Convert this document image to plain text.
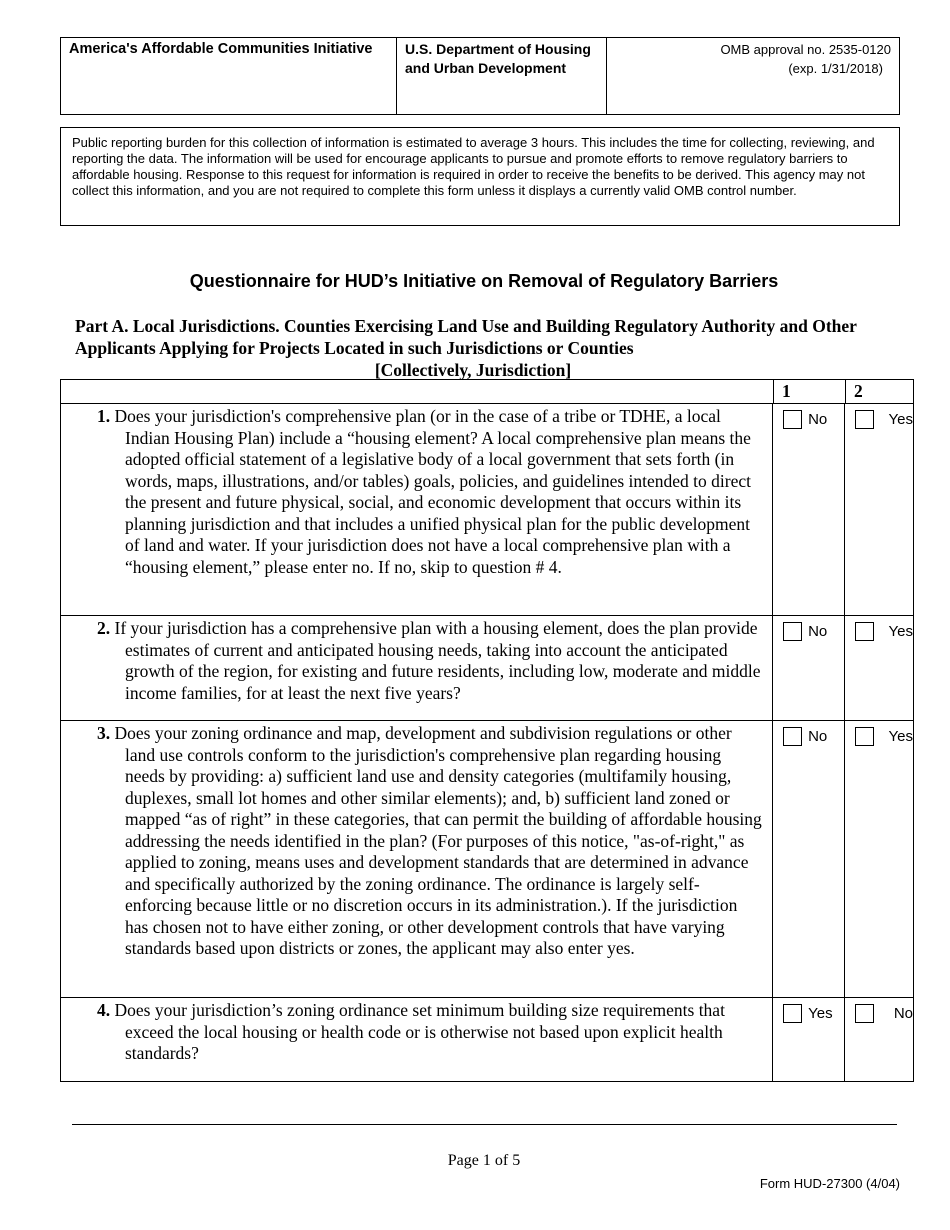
America's Affordable Communities Initiative	U.S. Department of Housing and Urban Development
OMB approval no. 2535-0120

(exp. 1/31/2018)
Public reporting burden for this collection of information is estimated to average 3 hours. This includes the time for collecting, reviewing, and reporting the data. The information will be used for encourage applicants to pursue and promote efforts to remove regulatory barriers to affordable housing. Response to this request for information is required in order to receive the benefits to be derived. This agency may not collect this information, and you are not required to complete this form unless it displays a currently valid OMB control number.
Questionnaire for HUD’s Initiative on Removal of Regulatory Barriers
Part A. Local Jurisdictions. Counties Exercising Land Use and Building Regulatory Authority and Other Applicants Applying for Projects Located in such Jurisdictions or Counties
[Collectively, Jurisdiction]
1	2
1. Does your jurisdiction's comprehensive plan (or in the case of a tribe or TDHE, a local Indian Housing Plan) include a “housing element? A local comprehensive plan means the adopted official statement of a legislative body of a local government that sets forth (in words, maps, illustrations, and/or tables) goals, policies, and guidelines intended to direct the present and future physical, social, and economic development that occurs within its planning jurisdiction and that includes a unified physical plan for the public development of land and water. If your jurisdiction does not have a local comprehensive plan with a “housing element,” please enter no. If no, skip to question # 4.
No	Yes
2. If your jurisdiction has a comprehensive plan with a housing element, does the plan provide estimates of current and anticipated housing needs, taking into account the anticipated growth of the region, for existing and future residents, including low, moderate and middle income families, for at least the next five years?
No	Yes
3. Does your zoning ordinance and map, development and subdivision regulations or other land use controls conform to the jurisdiction's comprehensive plan regarding housing needs by providing: a) sufficient land use and density categories (multifamily housing, duplexes, small lot homes and other similar elements); and, b) sufficient land zoned or mapped “as of right” in these categories, that can permit the building of affordable housing addressing the needs identified in the plan? (For purposes of this notice, "as-of-right," as applied to zoning, means uses and development standards that are determined in advance and specifically authorized by the zoning ordinance. The ordinance is largely self-enforcing because little or no discretion occurs in its administration.). If the jurisdiction has chosen not to have either zoning, or other development controls that have varying standards based upon districts or zones, the applicant may also enter yes.
No	Yes
4. Does your jurisdiction’s zoning ordinance set minimum building size requirements that exceed the local housing or health code or is otherwise not based upon explicit health standards?
Yes	No
Page 1 of 5
Form HUD-27300 (4/04)
